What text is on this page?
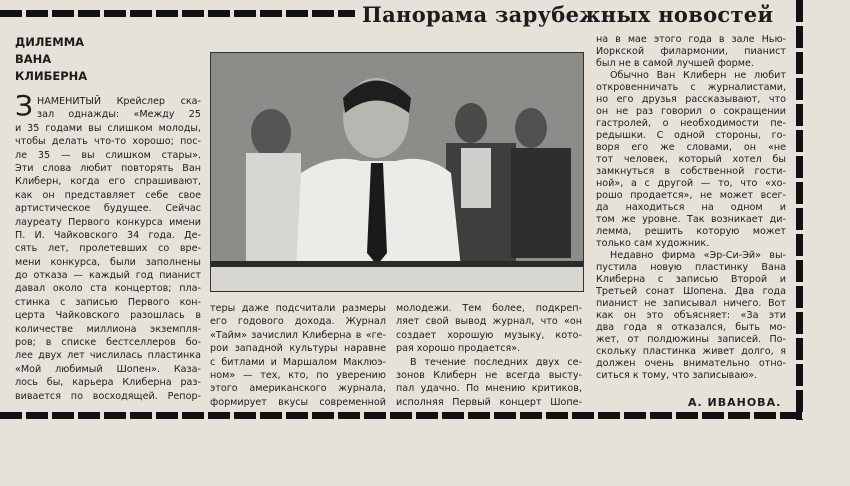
Панорама зарубежных новостей
ДИЛЕММА
ВАНА
КЛИБЕРНА
З НАМЕНИТЫЙ Крейслер ска-
зал однажды: «Между 25
и 35 годами вы слишком молоды,
чтобы делать что-то хорошо; пос-
ле 35 — вы слишком стары».
Эти слова любит повторять Ван
Клиберн, когда его спрашивают,
как он представляет себе свое
артистическое будущее. Сейчас
лауреату Первого конкурса имени
П. И. Чайковского 34 года. Де-
сять лет, пролетевших со вре-
мени конкурса, были заполнены
до отказа — каждый год пианист
давал около ста концертов; пла-
стинка с записью Первого кон-
церта Чайковского разошлась в
количестве миллиона экземпля-
ров; в списке бестселлеров бо-
лее двух лет числилась пластинка
«Мой любимый Шопен». Каза-
лось бы, карьера Клиберна раз-
вивается по восходящей. Репор-
теры даже подсчитали размеры
его годового дохода. Журнал
«Тайм» зачислил Клиберна в «ге-
рои западной культуры наравне
с битлами и Маршалом Маклюэ-
ном» — тех, кто, по уверению
этого американского журнала,
формирует вкусы современной
молодежи. Тем более, подкреп-
ляет свой вывод журнал, что «он
создает хорошую музыку, кото-
рая хорошо продается».
В течение последних двух се-
зонов Клиберн не всегда высту-
пал удачно. По мнению критиков,
исполняя Первый концерт Шопе-
на в мае этого года в зале Нью-
Йоркской филармонии, пианист
был не в самой лучшей форме.
Обычно Ван Клиберн не любит
откровенничать с журналистами,
но его друзья рассказывают, что
он не раз говорил о сокращении
гастролей, о необходимости пе-
редышки. С одной стороны, го-
воря его же словами, он «не
тот человек, который хотел бы
замкнуться в собственной гости-
ной», а с другой — то, что «хо-
рошо продается», не может всег-
да находиться на одном и
том же уровне. Так возникает ди-
лемма, решить которую может
только сам художник.
Недавно фирма «Эр-Си-Эй» вы-
пустила новую пластинку Вана
Клиберна с записью Второй и
Третьей сонат Шопена. Два года
пианист не записывал ничего. Вот
как он это объясняет: «За эти
два года я отказался, быть мо-
жет, от полдюжины записей. По-
скольку пластинка живет долго, я
должен очень внимательно отно-
ситься к тому, что записываю».
А. ИВАНОВА.
